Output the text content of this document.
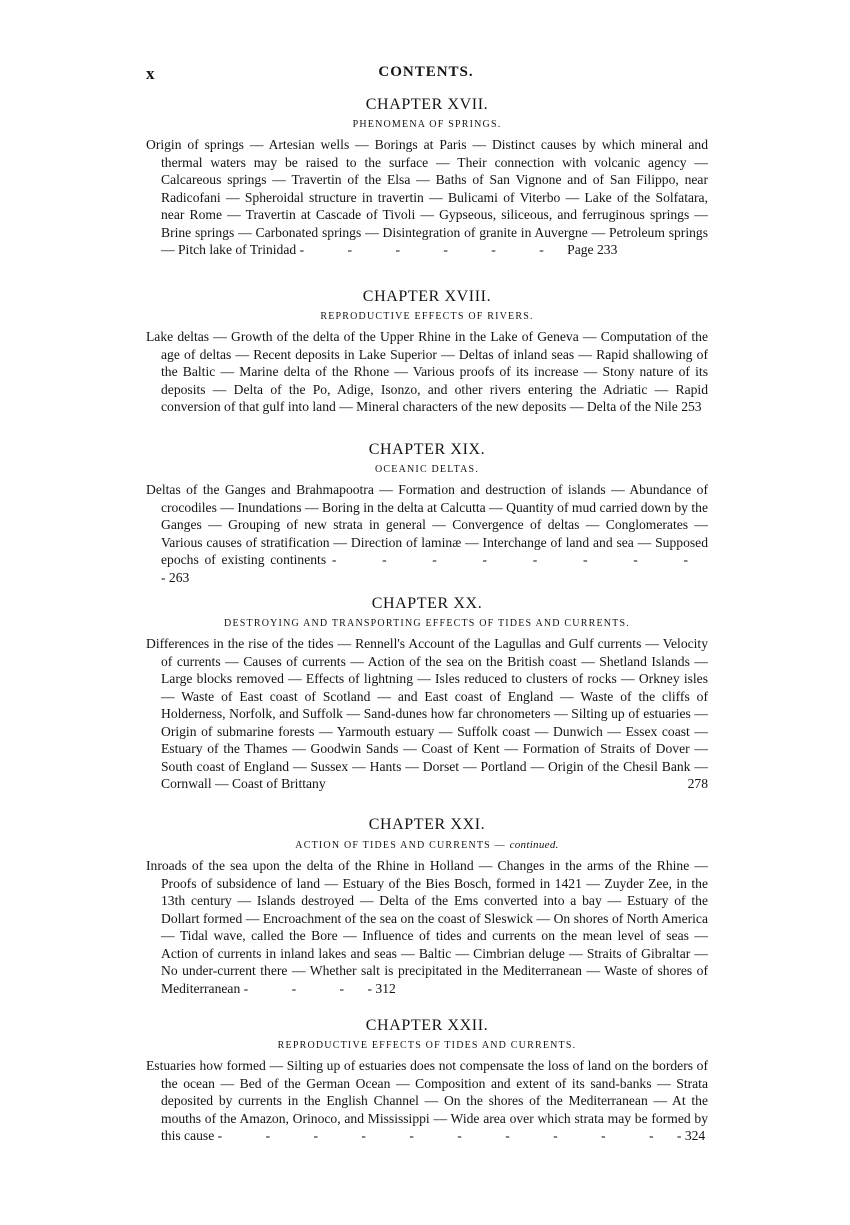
x	CONTENTS.
CHAPTER XVII.
PHENOMENA OF SPRINGS.

Origin of springs — Artesian wells — Borings at Paris — Distinct causes by which mineral and thermal waters may be raised to the surface — Their connection with volcanic agency — Calcareous springs — Travertin of the Elsa — Baths of San Vignone and of San Filippo, near Radicofani — Spheroidal structure in travertin — Bulicami of Viterbo — Lake of the Solfatara, near Rome — Travertin at Cascade of Tivoli — Gypseous, siliceous, and ferruginous springs — Brine springs — Carbonated springs — Disintegration of granite in Auvergne — Petroleum springs — Pitch lake of Trinidad - - - - - - Page 233

CHAPTER XVIII.
REPRODUCTIVE EFFECTS OF RIVERS.

Lake deltas — Growth of the delta of the Upper Rhine in the Lake of Geneva — Computation of the age of deltas — Recent deposits in Lake Superior — Deltas of inland seas — Rapid shallowing of the Baltic — Marine delta of the Rhone — Various proofs of its increase — Stony nature of its deposits — Delta of the Po, Adige, Isonzo, and other rivers entering the Adriatic — Rapid conversion of that gulf into land — Mineral characters of the new deposits — Delta of the Nile 253

CHAPTER XIX.
OCEANIC DELTAS.

Deltas of the Ganges and Brahmapootra — Formation and destruction of islands — Abundance of crocodiles — Inundations — Boring in the delta at Calcutta — Quantity of mud carried down by the Ganges — Grouping of new strata in general — Convergence of deltas — Conglomerates — Various causes of stratification — Direction of laminæ — Interchange of land and sea — Supposed epochs of existing continents - - - - - - - - - 263

CHAPTER XX.
DESTROYING AND TRANSPORTING EFFECTS OF TIDES AND CURRENTS.

Differences in the rise of the tides — Rennell's Account of the Lagullas and Gulf currents — Velocity of currents — Causes of currents — Action of the sea on the British coast — Shetland Islands — Large blocks removed — Effects of lightning — Isles reduced to clusters of rocks — Orkney isles — Waste of East coast of Scotland — and East coast of England — Waste of the cliffs of Holderness, Norfolk, and Suffolk — Sand-dunes how far chronometers — Silting up of estuaries — Origin of submarine forests — Yarmouth estuary — Suffolk coast — Dunwich — Essex coast — Estuary of the Thames — Goodwin Sands — Coast of Kent — Formation of Straits of Dover — South coast of England — Sussex — Hants — Dorset — Portland — Origin of the Chesil Bank — Cornwall — Coast of Brittany	278

CHAPTER XXI.
ACTION OF TIDES AND CURRENTS — continued.

Inroads of the sea upon the delta of the Rhine in Holland — Changes in the arms of the Rhine — Proofs of subsidence of land — Estuary of the Bies Bosch, formed in 1421 — Zuyder Zee, in the 13th century — Islands destroyed — Delta of the Ems converted into a bay — Estuary of the Dollart formed — Encroachment of the sea on the coast of Sleswick — On shores of North America — Tidal wave, called the Bore — Influence of tides and currents on the mean level of seas — Action of currents in inland lakes and seas — Baltic — Cimbrian deluge — Straits of Gibraltar — No under-current there — Whether salt is precipitated in the Mediterranean — Waste of shores of Mediterranean - - - - 312

CHAPTER XXII.
REPRODUCTIVE EFFECTS OF TIDES AND CURRENTS.

Estuaries how formed — Silting up of estuaries does not compensate the loss of land on the borders of the ocean — Bed of the German Ocean — Composition and extent of its sand-banks — Strata deposited by currents in the English Channel — On the shores of the Mediterranean — At the mouths of the Amazon, Orinoco, and Mississippi — Wide area over which strata may be formed by this cause - - - - - - - - - - - 324
